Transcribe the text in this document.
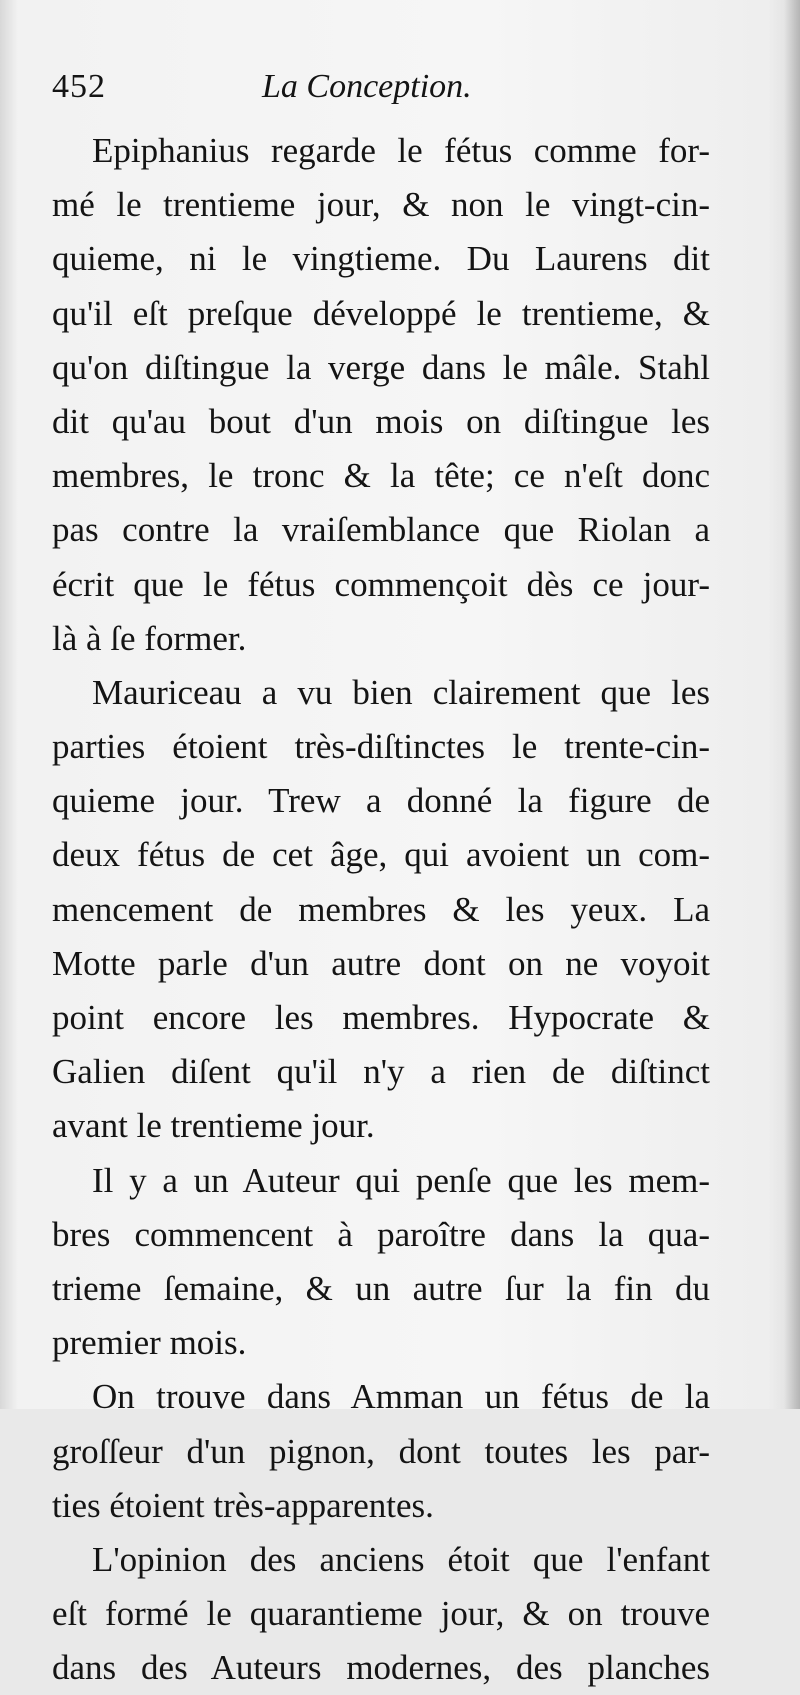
452	La Conception.
Epiphanius regarde le fétus comme for-
mé le trentieme jour, & non le vingt-cin-
quieme, ni le vingtieme. Du Laurens dit
qu'il eſt preſque développé le trentieme, &
qu'on diſtingue la verge dans le mâle. Stahl
dit qu'au bout d'un mois on diſtingue les
membres, le tronc & la tête; ce n'eſt donc
pas contre la vraiſemblance que Riolan a
écrit que le fétus commençoit dès ce jour-
là à ſe former.
Mauriceau a vu bien clairement que les
parties étoient très-diſtinctes le trente-cin-
quieme jour. Trew a donné la figure de
deux fétus de cet âge, qui avoient un com-
mencement de membres & les yeux. La
Motte parle d'un autre dont on ne voyoit
point encore les membres. Hypocrate &
Galien diſent qu'il n'y a rien de diſtinct
avant le trentieme jour.
Il y a un Auteur qui penſe que les mem-
bres commencent à paroître dans la qua-
trieme ſemaine, & un autre ſur la fin du
premier mois.
On trouve dans Amman un fétus de la
groſſeur d'un pignon, dont toutes les par-
ties étoient très-apparentes.
L'opinion des anciens étoit que l'enfant
eſt formé le quarantieme jour, & on trouve
dans des Auteurs modernes, des planches
